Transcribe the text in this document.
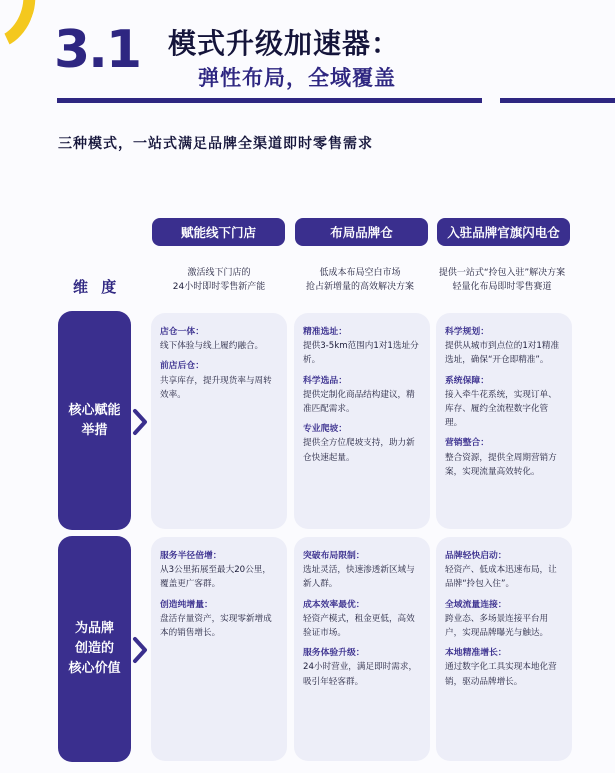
3.1 模式升级加速器：
弹性布局，全域覆盖
三种模式，一站式满足品牌全渠道即时零售需求
赋能线下门店	布局品牌仓	入驻品牌官旗闪电仓
维 度
激活线下门店的
24小时即时零售新产能
低成本布局空白市场
抢占新增量的高效解决方案
提供一站式“拎包入驻”解决方案
轻量化布局即时零售赛道
核心赋能
举措
为品牌
创造的
核心价值
店仓一体：
线下体验与线上履约融合。
前店后仓：
共享库存，提升现货率与周转效率。
精准选址：
提供3-5km范围内1对1选址分析。
科学选品：
提供定制化商品结构建议，精准匹配需求。
专业爬坡：
提供全方位爬坡支持，助力新仓快速起量。
科学规划：
提供从城市到点位的1对1精准选址，确保“开仓即精准”。
系统保障：
接入牵牛花系统，实现订单、库存、履约全流程数字化管理。
营销整合：
整合资源，提供全周期营销方案，实现流量高效转化。
服务半径倍增：
从3公里拓展至最大20公里，覆盖更广客群。
创造纯增量：
盘活存量资产，实现零新增成本的销售增长。
突破布局限制：
选址灵活，快速渗透新区域与新人群。
成本效率最优：
轻资产模式，租金更低，高效验证市场。
服务体验升级：
24小时营业，满足即时需求，吸引年轻客群。
品牌轻快启动：
轻资产、低成本迅速布局，让品牌“拎包入住”。
全域流量连接：
跨业态、多场景连接平台用户，实现品牌曝光与触达。
本地精准增长：
通过数字化工具实现本地化营销，驱动品牌增长。
